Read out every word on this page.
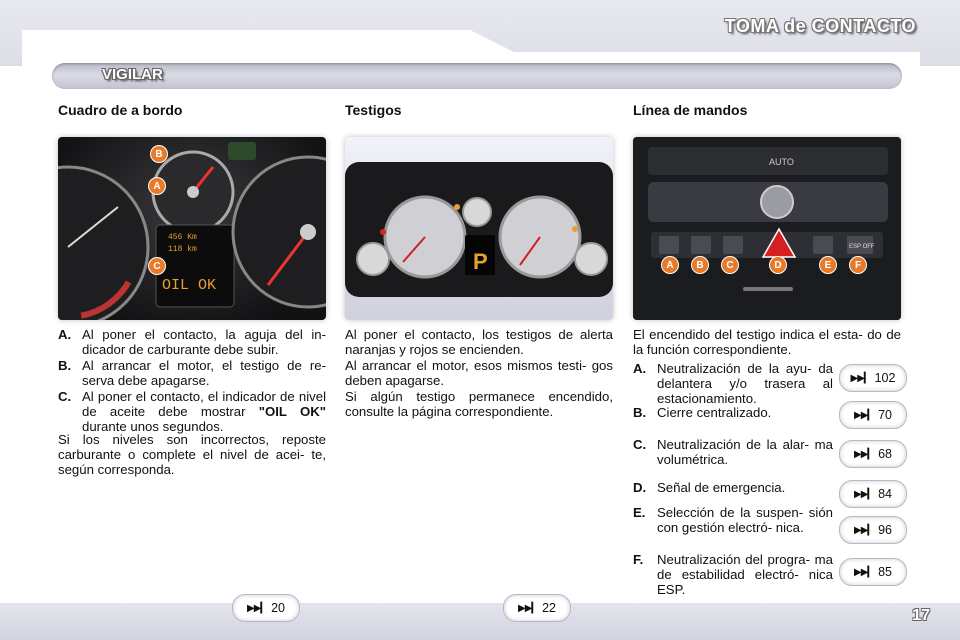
TOMA de CONTACTO
VIGILAR
Cuadro de a bordo	Testigos	Línea de mandos
456 Km
118 km
OIL OK
B
A
C	P
AUTO
ESP OFF
A	B	C	D	E	F
A. Al poner el contacto, la aguja del in- dicador de carburante debe subir.
B. Al arrancar el motor, el testigo de re- serva debe apagarse.
C. Al poner el contacto, el indicador de nivel de aceite debe mostrar "OIL OK" durante unos segundos.
Si los niveles son incorrectos, reposte carburante o complete el nivel de acei- te, según corresponda.
Al poner el contacto, los testigos de alerta naranjas y rojos se encienden.
Al arrancar el motor, esos mismos testi- gos deben apagarse.
Si algún testigo permanece encendido, consulte la página correspondiente.
El encendido del testigo indica el esta- do de la función correspondiente.
A. Neutralización de la ayu- da delantera y/o trasera al estacionamiento.
B. Cierre centralizado.
C. Neutralización de la alar- ma volumétrica.
D. Señal de emergencia.
E. Selección de la suspen- sión con gestión electró- nica.
F. Neutralización del progra- ma de estabilidad electró- nica ESP.
▶▶▎ 102
▶▶▎ 70
▶▶▎ 68
▶▶▎ 84
▶▶▎ 96
▶▶▎ 85
▶▶▎ 20	▶▶▎ 22	17
